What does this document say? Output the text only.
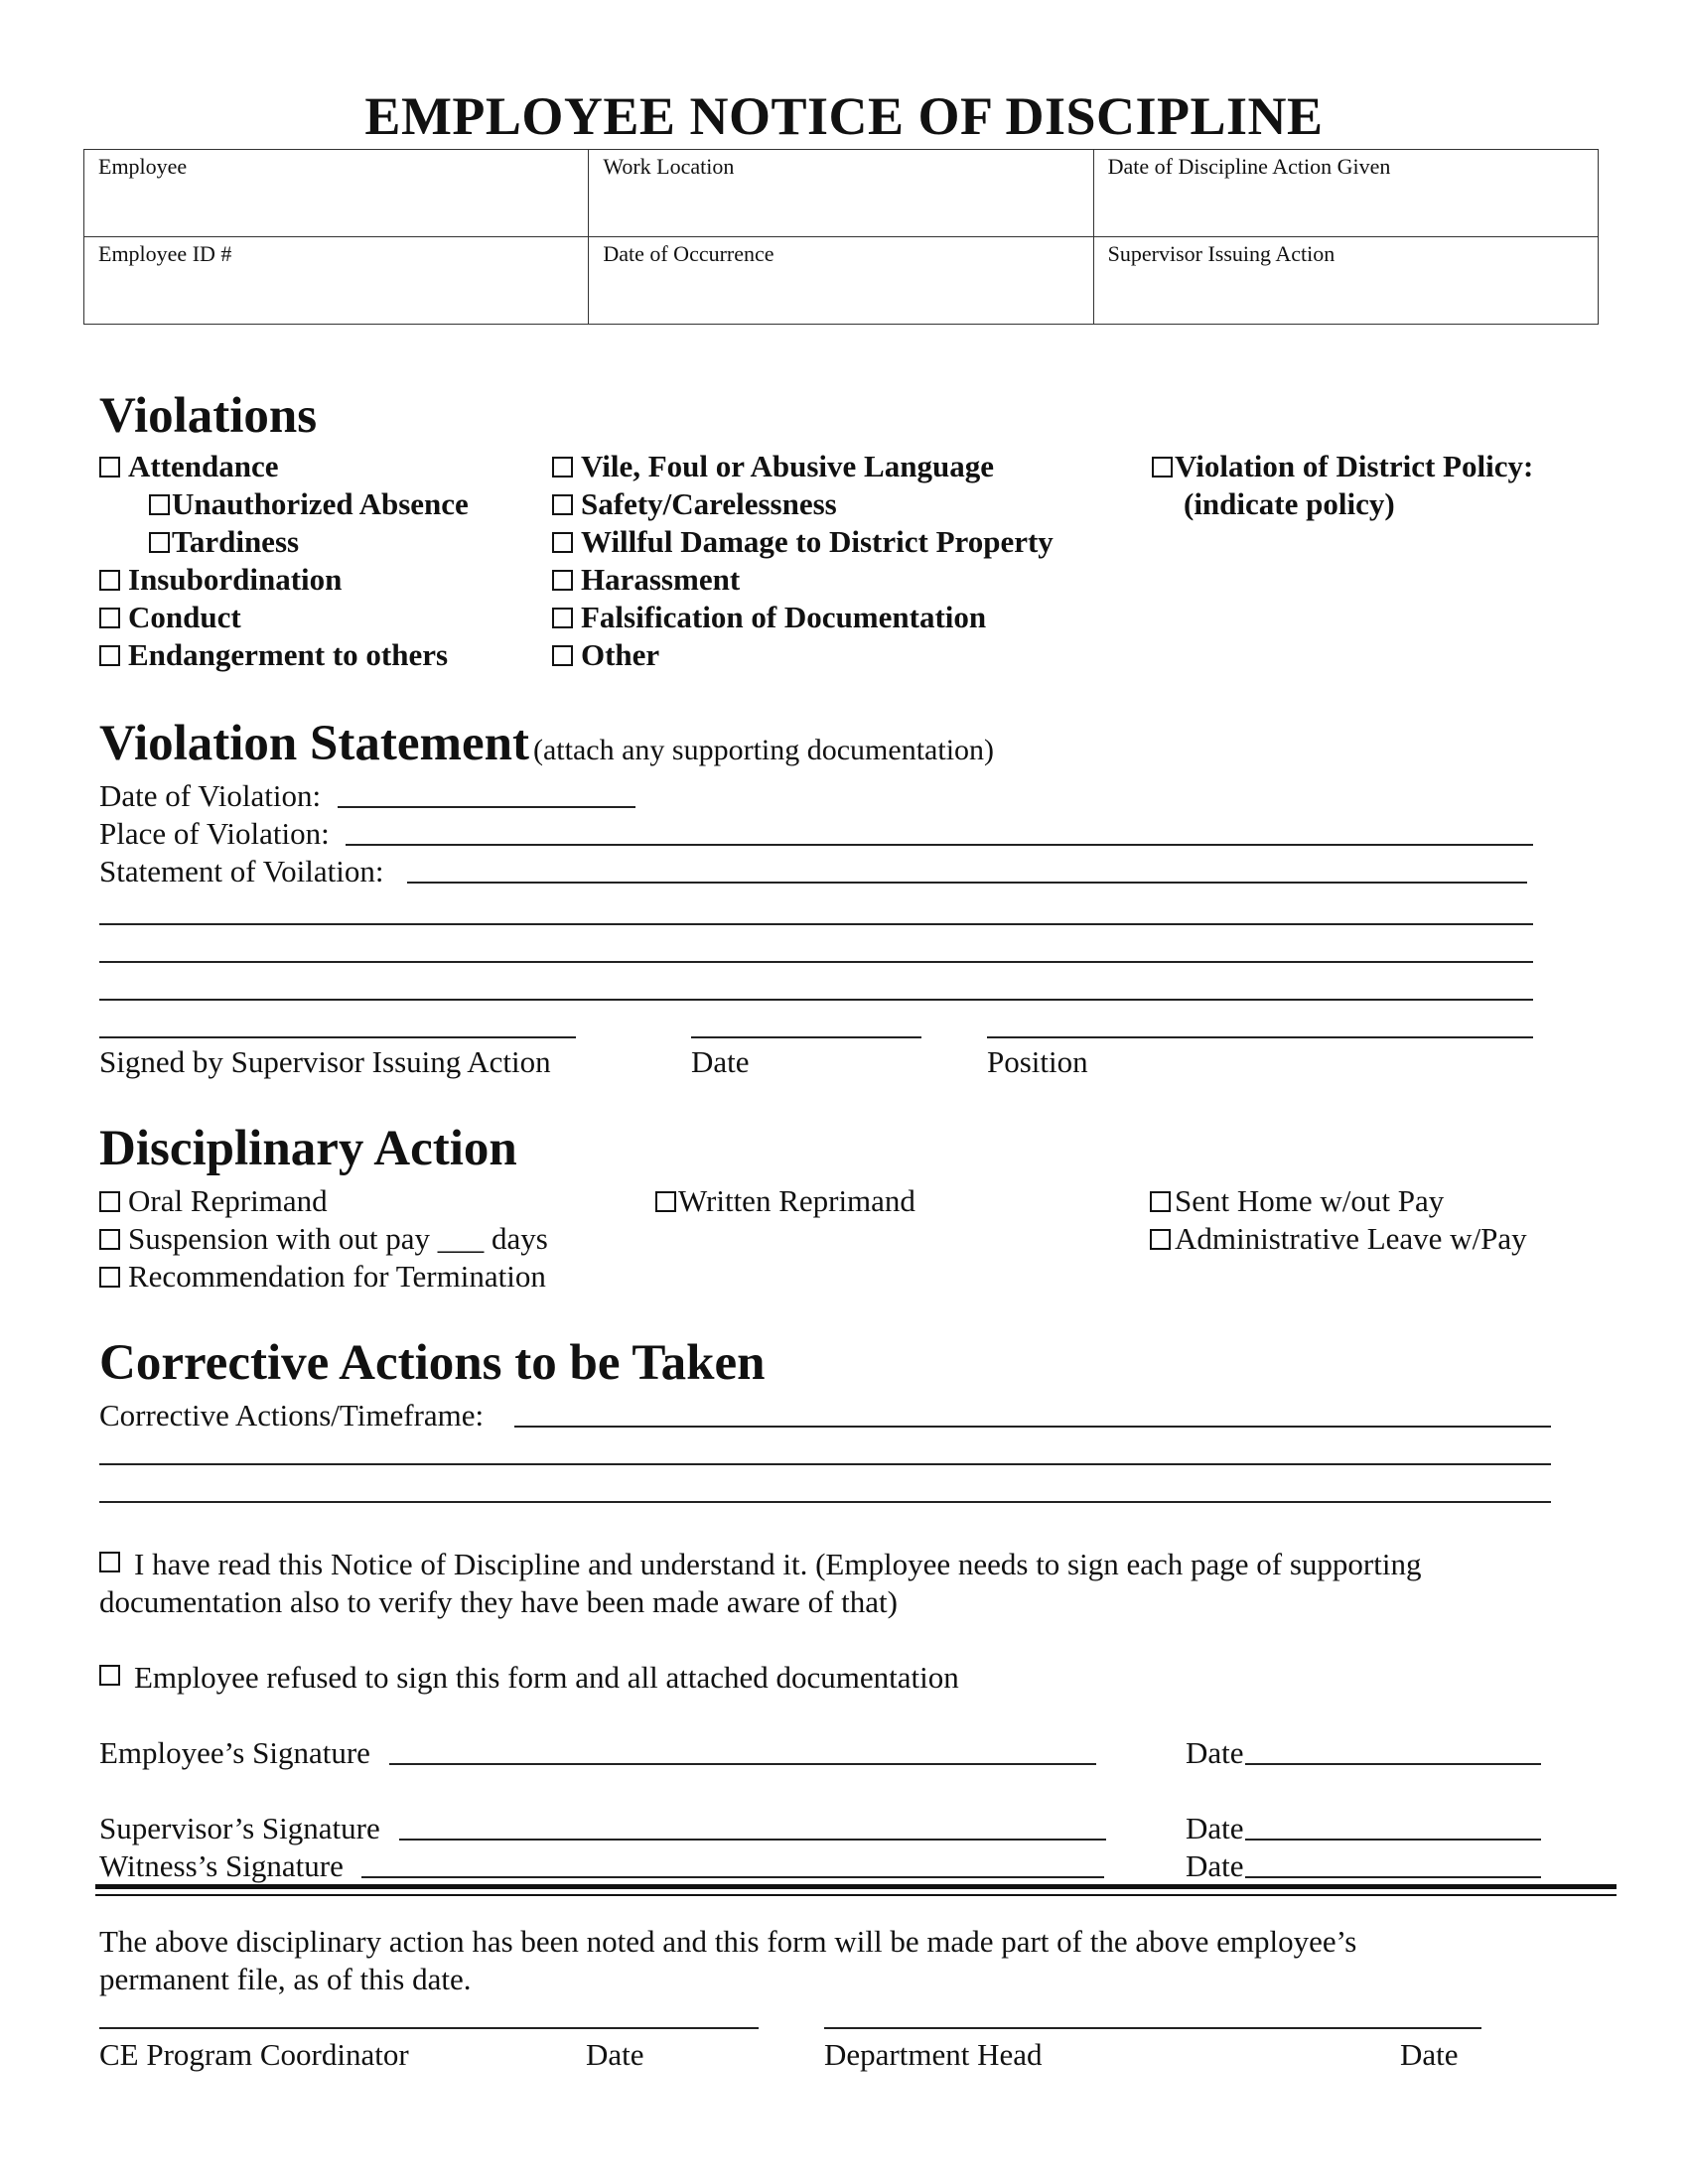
EMPLOYEE NOTICE OF DISCIPLINE
Employee	Work Location	Date of Discipline Action Given
Employee ID #	Date of Occurrence	Supervisor Issuing Action
Violations
Attendance
Unauthorized Absence
Tardiness
Insubordination
Conduct
Endangerment to others
Vile, Foul or Abusive Language
Safety/Carelessness
Willful Damage to District Property
Harassment
Falsification of Documentation
Other
Violation of District Policy:
(indicate policy)
Violation Statement (attach any supporting documentation)
Date of Violation:
Place of Violation:
Statement of Voilation:
Signed by Supervisor Issuing Action	Date	Position
Disciplinary Action
Oral Reprimand
Suspension with out pay ___ days
Recommendation for Termination
Written Reprimand	Sent Home w/out Pay
Administrative Leave w/Pay
Corrective Actions to be Taken
Corrective Actions/Timeframe:
I have read this Notice of Discipline and understand it. (Employee needs to sign each page of supporting
documentation also to verify they have been made aware of that)
Employee refused to sign this form and all attached documentation
Employee’s Signature	Date
Supervisor’s Signature	Date
Witness’s Signature	Date
The above disciplinary action has been noted and this form will be made part of the above employee’s
permanent file, as of this date.
CE Program Coordinator	Date	Department Head	Date
